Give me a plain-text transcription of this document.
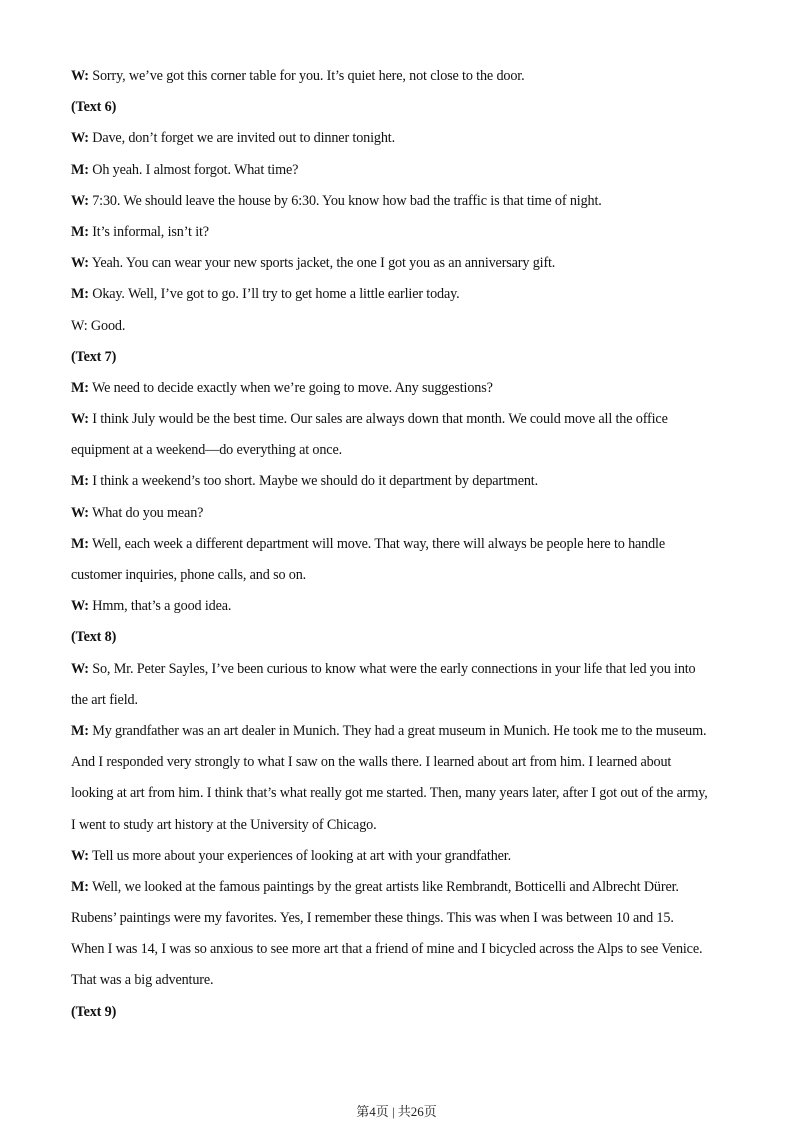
W: Sorry, we’ve got this corner table for you. It’s quiet here, not close to the door.
(Text 6)
W: Dave, don’t forget we are invited out to dinner tonight.
M: Oh yeah. I almost forgot. What time?
W: 7:30. We should leave the house by 6:30. You know how bad the traffic is that time of night.
M: It’s informal, isn’t it?
W: Yeah. You can wear your new sports jacket, the one I got you as an anniversary gift.
M: Okay. Well, I’ve got to go. I’ll try to get home a little earlier today.
W: Good.
(Text 7)
M: We need to decide exactly when we’re going to move. Any suggestions?
W: I think July would be the best time. Our sales are always down that month. We could move all the office
equipment at a weekend—do everything at once.
M: I think a weekend’s too short. Maybe we should do it department by department.
W: What do you mean?
M: Well, each week a different department will move. That way, there will always be people here to handle
customer inquiries, phone calls, and so on.
W: Hmm, that’s a good idea.
(Text 8)
W: So, Mr. Peter Sayles, I’ve been curious to know what were the early connections in your life that led you into
the art field.
M: My grandfather was an art dealer in Munich. They had a great museum in Munich. He took me to the museum.
And I responded very strongly to what I saw on the walls there. I learned about art from him. I learned about
looking at art from him. I think that’s what really got me started. Then, many years later, after I got out of the army,
I went to study art history at the University of Chicago.
W: Tell us more about your experiences of looking at art with your grandfather.
M: Well, we looked at the famous paintings by the great artists like Rembrandt, Botticelli and Albrecht Dürer.
Rubens’ paintings were my favorites. Yes, I remember these things. This was when I was between 10 and 15.
When I was 14, I was so anxious to see more art that a friend of mine and I bicycled across the Alps to see Venice.
That was a big adventure.
(Text 9)
第4页 | 共26页
